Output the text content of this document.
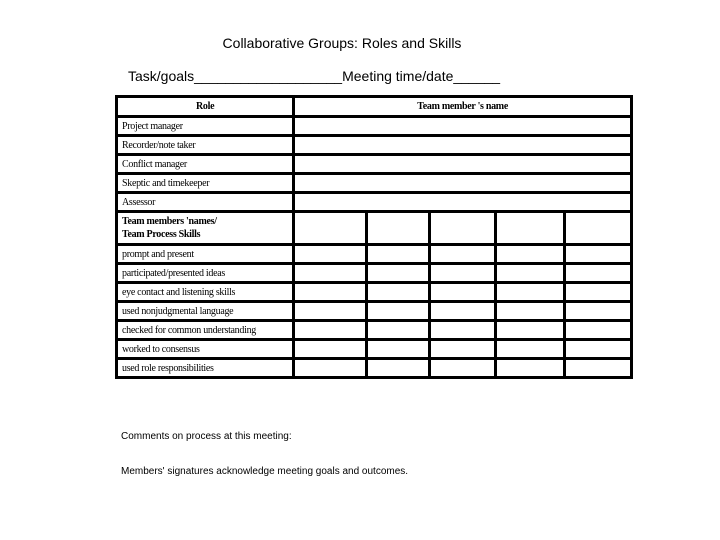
Collaborative Groups: Roles and Skills
Task/goals___________________Meeting time/date______
Role	Team member 's name				
Project manager					
Recorder/note taker					
Conflict manager					
Skeptic and timekeeper					
Assessor					
Team members 'names/
Team Process Skills					
prompt and present					
participated/presented ideas					
eye contact and listening skills					
used nonjudgmental language					
checked for common understanding					
worked to consensus					
used role responsibilities					
Comments on process at this meeting:
Members' signatures acknowledge meeting goals and outcomes.
